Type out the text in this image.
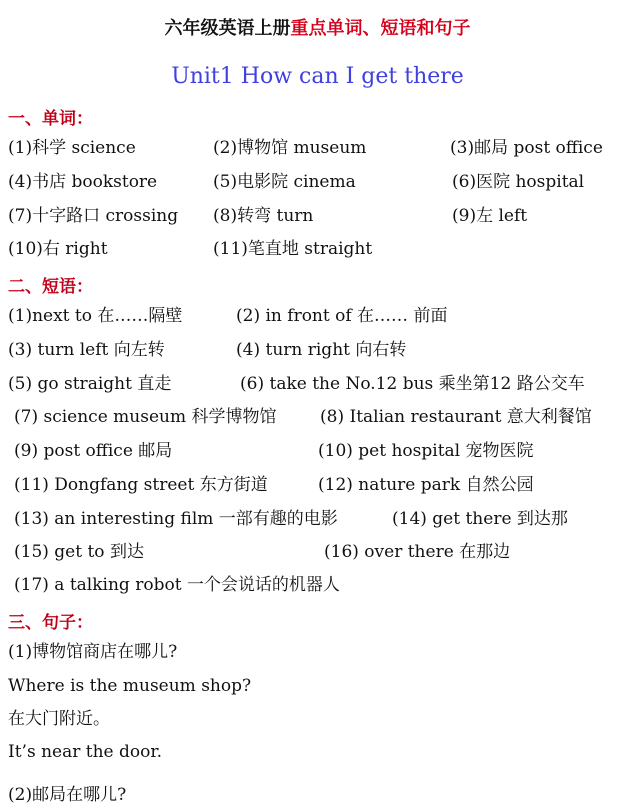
六年级英语上册重点单词、短语和句子
Unit1 How can I get there
一、单词：
(1)科学 science	(2)博物馆 museum	(3)邮局 post office
(4)书店 bookstore	(5)电影院 cinema	(6)医院 hospital
(7)十字路口 crossing (8)转弯 turn	(9)左 left
(10)右 right	(11)笔直地 straight
二、短语：
(1)next to 在……隔壁	(2) in front of 在…… 前面
(3) turn left 向左转	(4) turn right 向右转
(5) go straight 直走	(6) take the No.12 bus 乘坐第12 路公交车
(7) science museum 科学博物馆	(8) Italian restaurant 意大利餐馆
(9) post office 邮局	(10) pet hospital 宠物医院
(11) Dongfang street 东方街道	(12) nature park 自然公园
(13) an interesting film 一部有趣的电影	(14) get there 到达那
(15) get to 到达	(16) over there 在那边
(17) a talking robot 一个会说话的机器人
三、句子：
(1)博物馆商店在哪儿?
Where is the museum shop?
在大门附近。
It’s near the door.
(2)邮局在哪儿?
